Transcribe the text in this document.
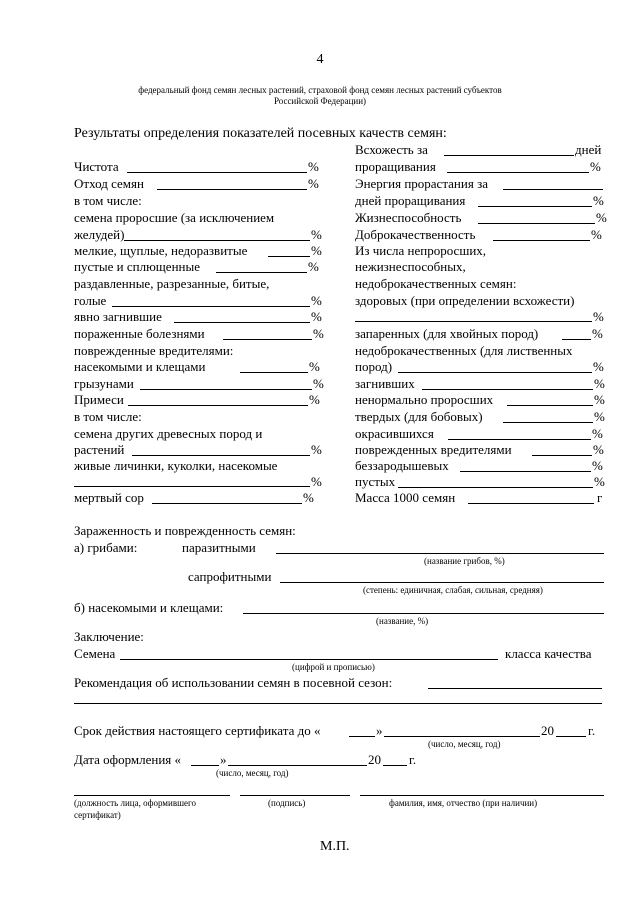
4
федеральный фонд семян лесных растений, страховой фонд семян лесных растений субъектов
Российской Федерации)
Результаты определения показателей посевных качеств семян:
Чистота	%
Отход семян	%
в том числе:
семена проросшие (за исключением
желудей)	%
мелкие, щуплые, недоразвитые	%
пустые и сплющенные	%
раздавленные, разрезанные, битые,
голые	%
явно загнившие	%
пораженные болезнями	%
поврежденные вредителями:
насекомыми и клещами	%
грызунами	%
Примеси	%
в том числе:
семена других древесных пород и
растений	%
живые личинки, куколки, насекомые
%
мертвый сор	%
Всхожесть за	дней
проращивания	%
Энергия прорастания за
дней проращивания	%
Жизнеспособность	%
Доброкачественность	%
Из числа непроросших,
нежизнеспособных,
недоброкачественных семян:
здоровых (при определении всхожести)
%
запаренных (для хвойных пород)	%
недоброкачественных (для лиственных
пород)	%
загнивших	%
ненормально проросших	%
твердых (для бобовых)	%
окрасившихся	%
поврежденных вредителями	%
беззародышевых	%
пустых	%
Масса 1000 семян	г
Зараженность и поврежденность семян:
а) грибами:	паразитными
(название грибов, %)
сапрофитными
(степень: единичная, слабая, сильная, средняя)
б) насекомыми и клещами:
(название, %)
Заключение:
Семена	класса качества
(цифрой и прописью)
Рекомендация об использовании семян в посевной сезон:
Срок действия настоящего сертификата до «	»	20	г.
(число, месяц, год)
Дата оформления «	»	20 г.
(число, месяц, год)
(должность лица, оформившего
сертификат)
(подпись)	фамилия, имя, отчество (при наличии)
М.П.
